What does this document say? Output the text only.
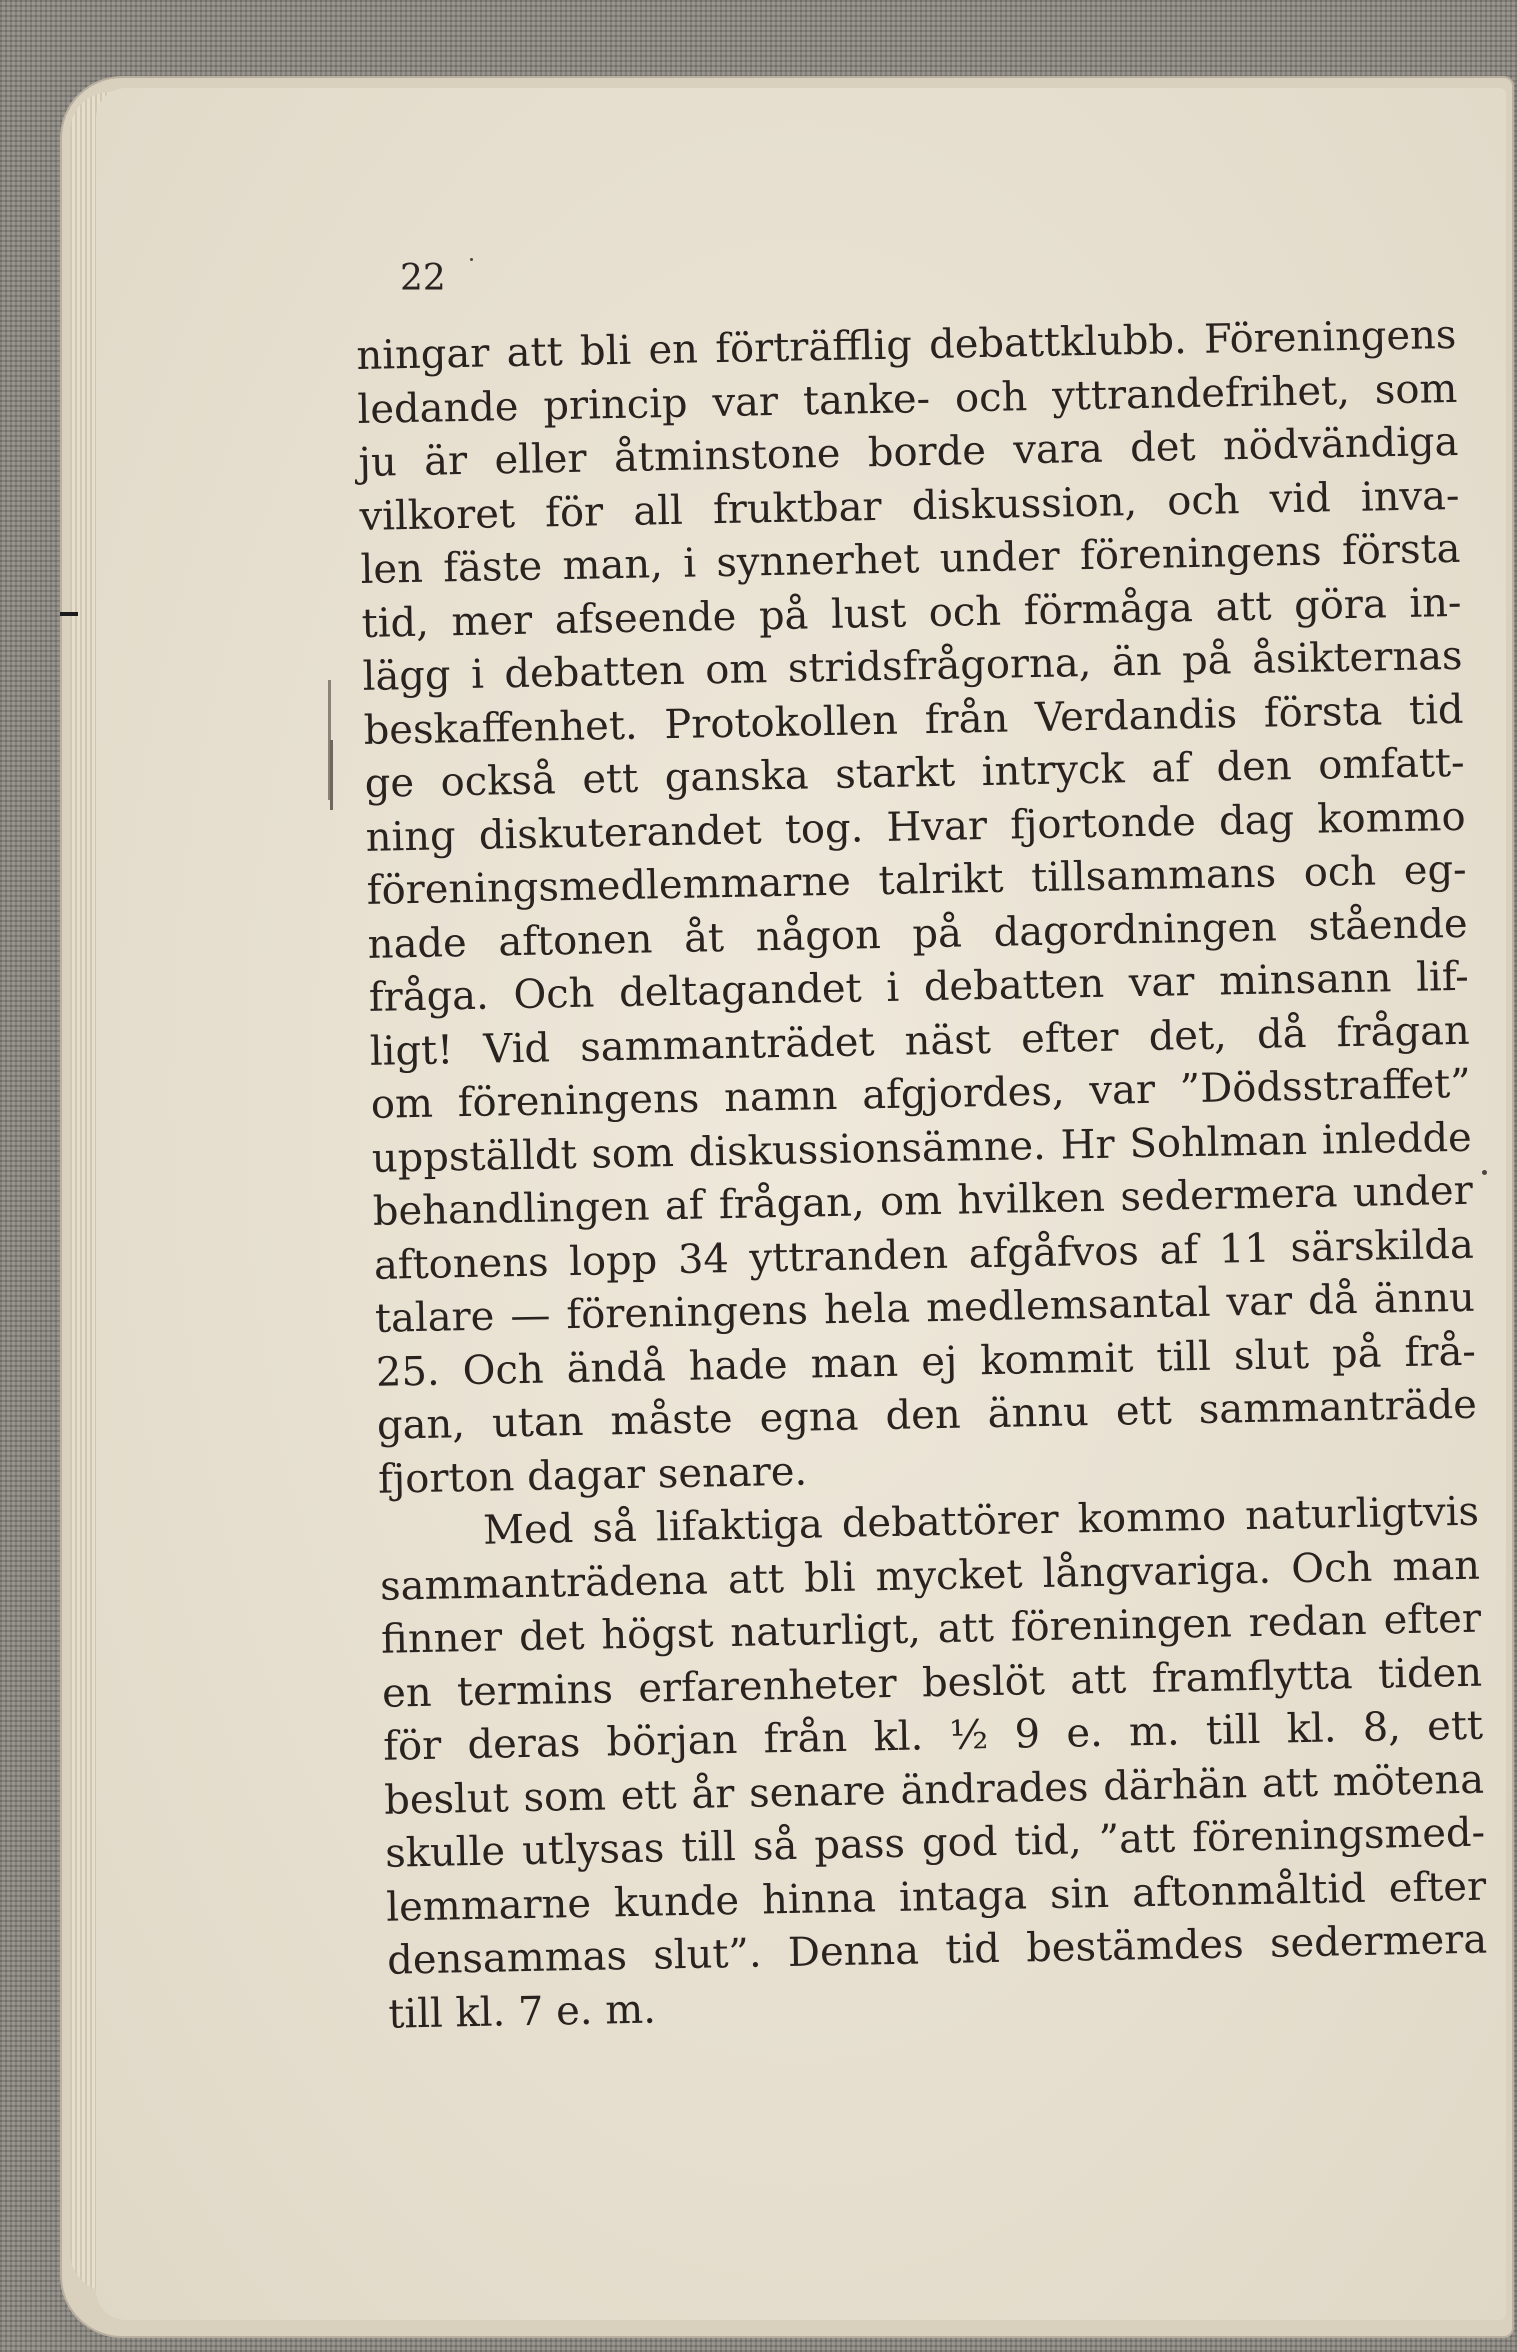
22
ningar att bli en förträfflig debattklubb. Föreningens
ledande princip var tanke- och yttrandefrihet, som
ju är eller åtminstone borde vara det nödvändiga
vilkoret för all fruktbar diskussion, och vid inva-
len fäste man, i synnerhet under föreningens första
tid, mer afseende på lust och förmåga att göra in-
lägg i debatten om stridsfrågorna, än på åsikternas
beskaffenhet. Protokollen från Verdandis första tid
ge också ett ganska starkt intryck af den omfatt-
ning diskuterandet tog. Hvar fjortonde dag kommo
föreningsmedlemmarne talrikt tillsammans och eg-
nade aftonen åt någon på dagordningen stående
fråga. Och deltagandet i debatten var minsann lif-
ligt! Vid sammanträdet näst efter det, då frågan
om föreningens namn afgjordes, var ”Dödsstraffet”
uppställdt som diskussionsämne. Hr Sohlman inledde
behandlingen af frågan, om hvilken sedermera under
aftonens lopp 34 yttranden afgåfvos af 11 särskilda
talare — föreningens hela medlemsantal var då ännu
25. Och ändå hade man ej kommit till slut på frå-
gan, utan måste egna den ännu ett sammanträde
fjorton dagar senare.
Med så lifaktiga debattörer kommo naturligtvis
sammanträdena att bli mycket långvariga. Och man
finner det högst naturligt, att föreningen redan efter
en termins erfarenheter beslöt att framflytta tiden
för deras början från kl. ½ 9 e. m. till kl. 8, ett
beslut som ett år senare ändrades därhän att mötena
skulle utlysas till så pass god tid, ”att föreningsmed-
lemmarne kunde hinna intaga sin aftonmåltid efter
densammas slut”. Denna tid bestämdes sedermera
till kl. 7 e. m.
